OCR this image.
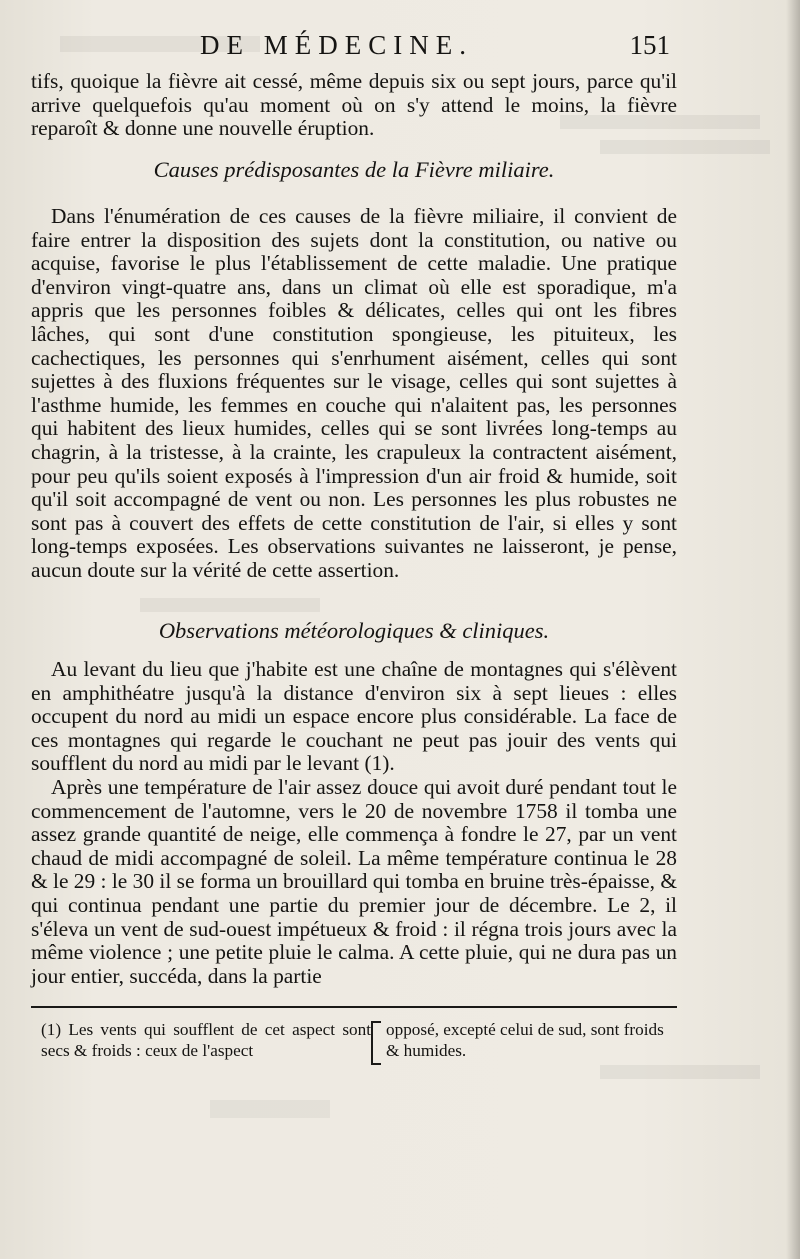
DE MÉDECINE.	151

tifs, quoique la fièvre ait cessé, même depuis six ou sept jours, parce qu'il arrive quelquefois qu'au moment où on s'y attend le moins, la fièvre reparoît & donne une nouvelle éruption.

Causes prédisposantes de la Fièvre miliaire.

Dans l'énumération de ces causes de la fièvre miliaire, il convient de faire entrer la disposition des sujets dont la constitution, ou native ou acquise, favorise le plus l'établissement de cette maladie. Une pratique d'environ vingt-quatre ans, dans un climat où elle est sporadique, m'a appris que les personnes foibles & délicates, celles qui ont les fibres lâches, qui sont d'une constitution spongieuse, les pituiteux, les cachectiques, les personnes qui s'enrhument aisément, celles qui sont sujettes à des fluxions fréquentes sur le visage, celles qui sont sujettes à l'asthme humide, les femmes en couche qui n'alaitent pas, les personnes qui habitent des lieux humides, celles qui se sont livrées long-temps au chagrin, à la tristesse, à la crainte, les crapuleux la contractent aisément, pour peu qu'ils soient exposés à l'impression d'un air froid & humide, soit qu'il soit accompagné de vent ou non. Les personnes les plus robustes ne sont pas à couvert des effets de cette constitution de l'air, si elles y sont long-temps exposées. Les observations suivantes ne laisseront, je pense, aucun doute sur la vérité de cette assertion.

Observations météorologiques & cliniques.

Au levant du lieu que j'habite est une chaîne de montagnes qui s'élèvent en amphithéatre jusqu'à la distance d'environ six à sept lieues : elles occupent du nord au midi un espace encore plus considérable. La face de ces montagnes qui regarde le couchant ne peut pas jouir des vents qui soufflent du nord au midi par le levant (1).

Après une température de l'air assez douce qui avoit duré pendant tout le commencement de l'automne, vers le 20 de novembre 1758 il tomba une assez grande quantité de neige, elle commença à fondre le 27, par un vent chaud de midi accompagné de soleil. La même température continua le 28 & le 29 : le 30 il se forma un brouillard qui tomba en bruine très-épaisse, & qui continua pendant une partie du premier jour de décembre. Le 2, il s'éleva un vent de sud-ouest impétueux & froid : il régna trois jours avec la même violence ; une petite pluie le calma. A cette pluie, qui ne dura pas un jour entier, succéda, dans la partie

(1) Les vents qui soufflent de cet aspect sont secs & froids : ceux de l'aspect
opposé, excepté celui de sud, sont froids & humides.
